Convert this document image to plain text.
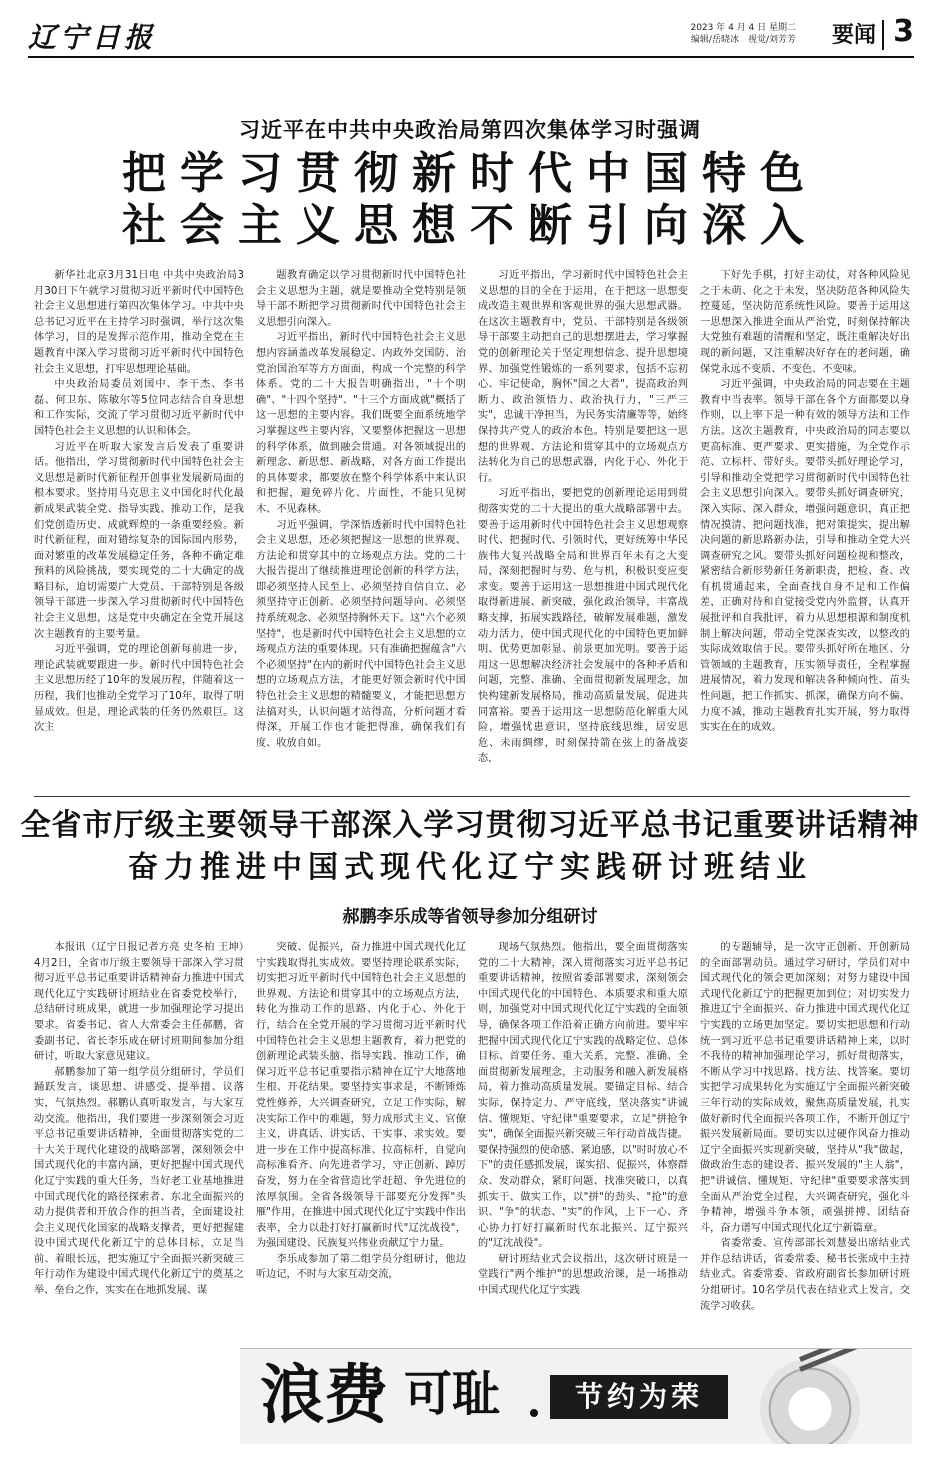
辽宁日报	2023 年 4 月 4 日 星期二
编辑/岳晓冰　视觉/刘芳芳 要闻 3
习近平在中共中央政治局第四次集体学习时强调
把学习贯彻新时代中国特色
社会主义思想不断引向深入

新华社北京3月31日电 中共中央政治局3月30日下午就学习贯彻习近平新时代中国特色社会主义思想进行第四次集体学习。中共中央总书记习近平在主持学习时强调，举行这次集体学习，目的是发挥示范作用，推动全党在主题教育中深入学习贯彻习近平新时代中国特色社会主义思想，打牢思想理论基础。

中央政治局委员刘国中、李干杰、李书磊、何卫东、陈敏尔等5位同志结合自身思想和工作实际，交流了学习贯彻习近平新时代中国特色社会主义思想的认识和体会。

习近平在听取大家发言后发表了重要讲话。他指出，学习贯彻新时代中国特色社会主义思想是新时代新征程开创事业发展新局面的根本要求。坚持用马克思主义中国化时代化最新成果武装全党、指导实践、推动工作，是我们党创造历史、成就辉煌的一条重要经验。新时代新征程，面对错综复杂的国际国内形势，面对繁重的改革发展稳定任务，各种不确定难预料的风险挑战，要实现党的二十大确定的战略目标，迫切需要广大党员、干部特别是各级领导干部进一步深入学习贯彻新时代中国特色社会主义思想，这是党中央确定在全党开展这次主题教育的主要考量。

习近平强调，党的理论创新每前进一步，理论武装就要跟进一步。新时代中国特色社会主义思想历经了10年的发展历程，伴随着这一历程，我们也推动全党学习了10年，取得了明显成效。但是，理论武装的任务仍然艰巨。这次主

题教育确定以学习贯彻新时代中国特色社会主义思想为主题，就是要推动全党特别是领导干部不断把学习贯彻新时代中国特色社会主义思想引向深入。

习近平指出，新时代中国特色社会主义思想内容涵盖改革发展稳定、内政外交国防、治党治国治军等方方面面，构成一个完整的科学体系。党的二十大报告明确指出，"十个明确"、"十四个坚持"、"十三个方面成就"概括了这一思想的主要内容。我们既要全面系统地学习掌握这些主要内容，又要整体把握这一思想的科学体系，做到融会贯通。对各领域提出的新理念、新思想、新战略，对各方面工作提出的具体要求，都要放在整个科学体系中来认识和把握，避免碎片化、片面性，不能只见树木、不见森林。

习近平强调，学深悟透新时代中国特色社会主义思想，还必须把握这一思想的世界观、方法论和贯穿其中的立场观点方法。党的二十大报告提出了继续推进理论创新的科学方法，即必须坚持人民至上、必须坚持自信自立、必须坚持守正创新、必须坚持问题导向、必须坚持系统观念、必须坚持胸怀天下。这"六个必须坚持"，也是新时代中国特色社会主义思想的立场观点方法的重要体现。只有准确把握蕴含"六个必须坚持"在内的新时代中国特色社会主义思想的立场观点方法，才能更好领会新时代中国特色社会主义思想的精髓要义，才能把思想方法搞对头，认识问题才站得高，分析问题才看得深，开展工作也才能把得准，确保我们有度、收放自如。

习近平指出，学习新时代中国特色社会主义思想的目的全在于运用，在于把这一思想变成改造主观世界和客观世界的强大思想武器。在这次主题教育中，党员、干部特别是各级领导干部要主动把自己的思想摆进去，学习掌握党的创新理论关于坚定理想信念、提升思想境界、加强党性锻炼的一系列要求，包括不忘初心、牢记使命，胸怀"国之大者"，提高政治判断力、政治领悟力、政治执行力，"三严三实"，忠诚干净担当，为民务实清廉等等，始终保持共产党人的政治本色。特别是要把这一思想的世界观、方法论和贯穿其中的立场观点方法转化为自己的思想武器，内化于心、外化于行。

习近平指出，要把党的创新理论运用到贯彻落实党的二十大提出的重大战略部署中去。要善于运用新时代中国特色社会主义思想观察时代、把握时代、引领时代，更好统筹中华民族伟大复兴战略全局和世界百年未有之大变局，深刻把握时与势、危与机，积极识变应变求变。要善于运用这一思想推进中国式现代化取得新进展、新突破，强化政治领导，丰富战略支撑，拓展实践路径，破解发展难题，激发动力活力，使中国式现代化的中国特色更加鲜明、优势更加彰显、前景更加光明。要善于运用这一思想解决经济社会发展中的各种矛盾和问题，完整、准确、全面贯彻新发展理念，加快构建新发展格局，推动高质量发展，促进共同富裕。要善于运用这一思想防范化解重大风险，增强忧患意识，坚持底线思维，居安思危、未雨绸缪，时刻保持箭在弦上的备战姿态，

下好先手棋，打好主动仗，对各种风险见之于未萌、化之于未发，坚决防范各种风险失控蔓延，坚决防范系统性风险。要善于运用这一思想深入推进全面从严治党，时刻保持解决大党独有难题的清醒和坚定，既注重解决好出现的新问题，又注重解决好存在的老问题，确保党永远不变质、不变色、不变味。

习近平强调，中央政治局的同志要在主题教育中当表率。领导干部在各个方面都要以身作则，以上率下是一种有效的领导方法和工作方法。这次主题教育，中央政治局的同志要以更高标准、更严要求、更实措施，为全党作示范、立标杆、带好头。要带头抓好理论学习，引导和推动全党把学习贯彻新时代中国特色社会主义思想引向深入。要带头抓好调查研究，深入实际、深入群众，增强问题意识，真正把情况摸清、把问题找准，把对策提实，提出解决问题的新思路新办法，引导和推动全党大兴调查研究之风。要带头抓好问题检视和整改，紧密结合新形势新任务新职责，把检、查、改有机贯通起来，全面查找自身不足和工作偏差，正确对待和自觉接受党内外监督，认真开展批评和自我批评，着力从思想根源和制度机制上解决问题，带动全党深查实改，以整改的实际成效取信于民。要带头抓好所在地区、分管领域的主题教育，压实领导责任，全程掌握进展情况，着力发现和解决各种倾向性、苗头性问题，把工作抓实、抓深，确保方向不偏、力度不减，推动主题教育扎实开展，努力取得实实在在的成效。

全省市厅级主要领导干部深入学习贯彻习近平总书记重要讲话精神
奋力推进中国式现代化辽宁实践研讨班结业
郝鹏李乐成等省领导参加分组研讨

本报讯（辽宁日报记者方亮 史冬柏 王坤）4月2日，全省市厅级主要领导干部深入学习贯彻习近平总书记重要讲话精神奋力推进中国式现代化辽宁实践研讨班结业在省委党校举行，总结研讨班成果，就进一步加强理论学习提出要求。省委书记、省人大常委会主任郝鹏，省委副书记、省长李乐成在研讨班期间参加分组研讨，听取大家意见建议。

郝鹏参加了第一组学员分组研讨，学员们踊跃发言，谈思想、讲感受、提举措、议落实，气氛热烈。郝鹏认真听取发言，与大家互动交流。他指出，我们要进一步深刻领会习近平总书记重要讲话精神，全面贯彻落实党的二十大关于现代化建设的战略部署，深刻领会中国式现代化的丰富内涵，更好把握中国式现代化辽宁实践的重大任务，当好老工业基地推进中国式现代化的路径探索者、东北全面振兴的动力提供者和开放合作的担当者，全面建设社会主义现代化国家的战略支撑者，更好把握建设中国式现代化新辽宁的总体目标，立足当前、着眼长远，把实施辽宁全面振兴新突破三年行动作为建设中国式现代化新辽宁的奠基之举、垒台之作，实实在在地抓发展、谋

突破、促振兴，奋力推进中国式现代化辽宁实践取得扎实成效。要坚持理论联系实际，切实把习近平新时代中国特色社会主义思想的世界观、方法论和贯穿其中的立场观点方法，转化为推动工作的思路、内化于心、外化于行，结合在全党开展的学习贯彻习近平新时代中国特色社会主义思想主题教育，着力把党的创新理论武装头脑、指导实践、推动工作，确保习近平总书记重要指示精神在辽宁大地落地生根、开花结果。要坚持实事求是，不断锤炼党性修养，大兴调查研究，立足工作实际，解决实际工作中的难题，努力成形式主义、官僚主义，讲真话、讲实话、干实事、求实效。要进一步在工作中提高标准、拉高标杆，自觉向高标准看齐、向先进者学习，守正创新、踔厉奋发，努力在全省营造比学赶超、争先进位的浓厚氛围。全省各级领导干部要充分发挥"头雁"作用，在推进中国式现代化辽宁实践中作出表率，全力以赴打好打赢新时代"辽沈战役"，为强国建设、民族复兴伟业贡献辽宁力量。

李乐成参加了第二组学员分组研讨，他边听边记，不时与大家互动交流，

现场气氛热烈。他指出，要全面贯彻落实党的二十大精神，深入贯彻落实习近平总书记重要讲话精神，按照省委部署要求，深刻领会中国式现代化的中国特色、本质要求和重大原则，加强党对中国式现代化辽宁实践的全面领导，确保各项工作沿着正确方向前进。要牢牢把握中国式现代化辽宁实践的战略定位、总体目标、首要任务、重大关系，完整、准确、全面贯彻新发展理念，主动服务和融入新发展格局，着力推动高质量发展。要锚定目标、结合实际，保持定力、严守底线，坚决落实"讲诚信、懂规矩、守纪律"重要要求，立足"拼抢争实"，确保全面振兴新突破三年行动首战告捷。要保持强烈的使命感、紧迫感，以"时时放心不下"的责任感抓发展，谋实招、促振兴，体察群众、发动群众，紧盯问题、找准突破口，以真抓实干、做实工作，以"拼"的劲头、"抢"的意识、"争"的状态、"实"的作风，上下一心、齐心协力打好打赢新时代东北振兴、辽宁振兴的"辽沈战役"。

研讨班结业式会议指出，这次研讨班是一堂践行"两个维护"的思想政治课，是一场推动中国式现代化辽宁实践

的专题辅导，是一次守正创新、开创新局的全面部署动员。通过学习研讨，学员们对中国式现代化的领会更加深刻；对努力建设中国式现代化新辽宁的把握更加到位；对切实发力推进辽宁全面振兴、奋力推进中国式现代化辽宁实践的立场更加坚定。要切实把思想和行动统一到习近平总书记重要讲话精神上来，以时不我待的精神加强理论学习，抓好贯彻落实，不断从学习中找思路、找方法、找答案。要切实把学习成果转化为实施辽宁全面振兴新突破三年行动的实际成效，聚焦高质量发展，扎实做好新时代全面振兴各项工作，不断开创辽宁振兴发展新局面。要切实以过硬作风奋力推动辽宁全面振兴实现新突破，坚持从"我"做起，做政治生态的建设者、振兴发展的"主人翁"，把"讲诚信、懂规矩、守纪律"重要要求落实到全面从严治党全过程，大兴调查研究，强化斗争精神，增强斗争本领，顽强拼搏、团结奋斗，奋力谱写中国式现代化辽宁新篇章。

省委常委、宣传部部长刘慧晏出席结业式并作总结讲话，省委常委、秘书长张成中主持结业式。省委常委、省政府副省长参加研讨班分组研讨。10名学员代表在结业式上发言，交流学习收获。

浪费 可耻	节约为荣
